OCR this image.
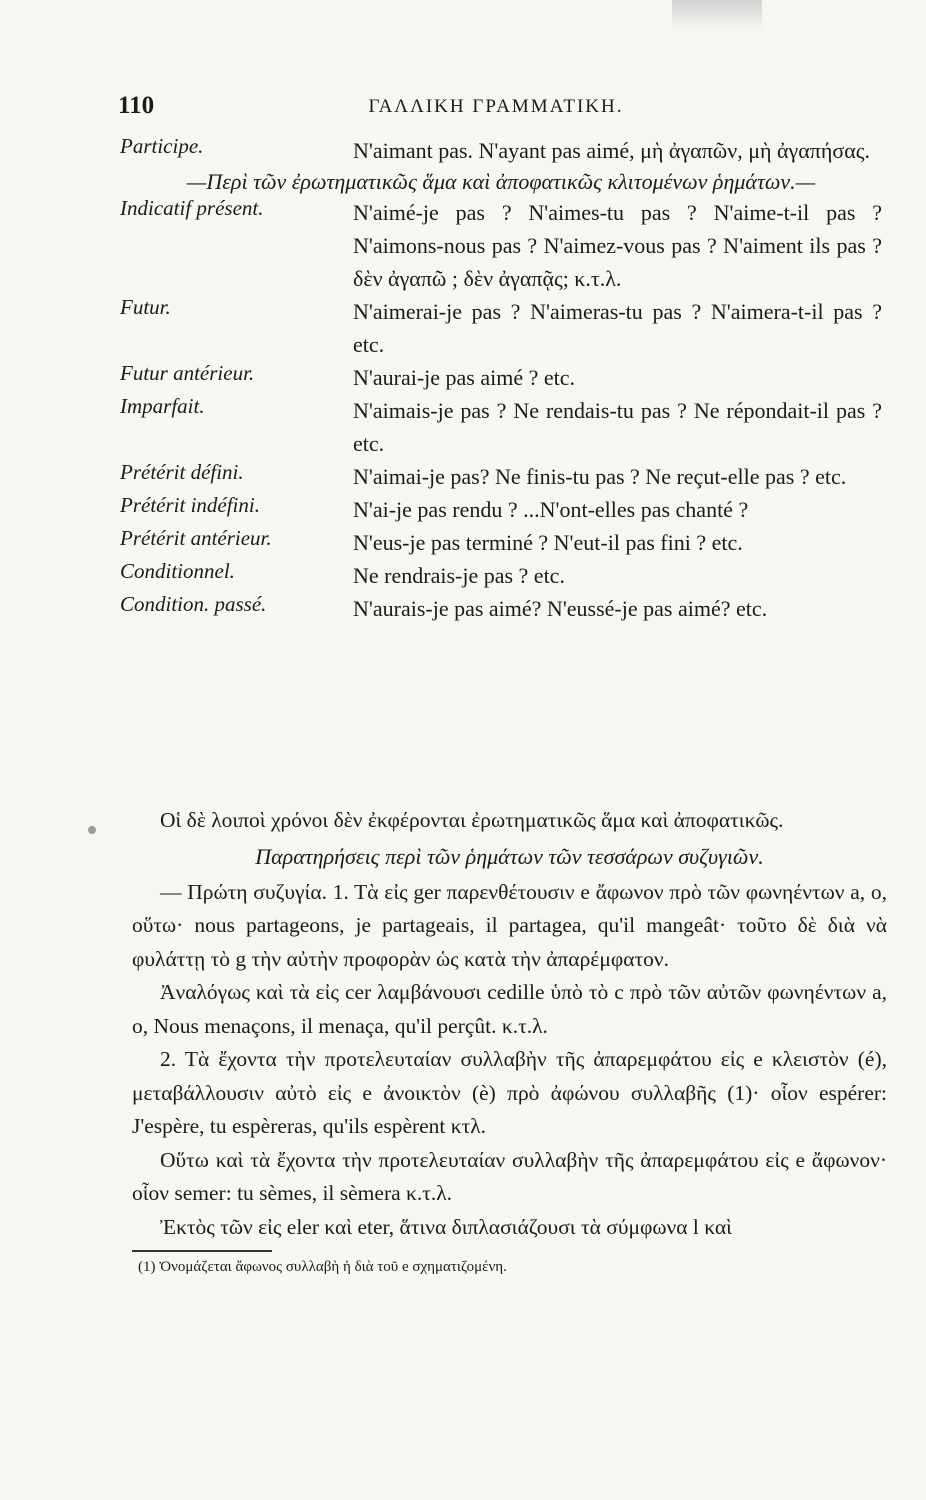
110	ΓΑΛΛΙΚΗ ΓΡΑΜΜΑΤΙΚΗ.
Participe.	N'aimant pas. N'ayant pas aimé, μὴ ἀγαπῶν, μὴ ἀγαπήσας.
—Περὶ τῶν ἐρωτηματικῶς ἅμα καὶ ἀποφατικῶς κλιτομένων ῥημάτων.—
Indicatif présent.	N'aimé-je pas ? N'aimes-tu pas ? N'aime-t-il pas ? N'aimons-nous pas ? N'aimez-vous pas ? N'aiment ils pas ? δὲν ἀγαπῶ ; δὲν ἀγαπᾷς; κ.τ.λ.
Futur.	N'aimerai-je pas ? N'aimeras-tu pas ? N'aimera-t-il pas ? etc.
Futur antérieur.	N'aurai-je pas aimé ? etc.
Imparfait.	N'aimais-je pas ? Ne rendais-tu pas ? Ne répondait-il pas ? etc.
Prétérit défini.	N'aimai-je pas? Ne finis-tu pas ? Ne reçut-elle pas ? etc.
Prétérit indéfini.	N'ai-je pas rendu ? ...N'ont-elles pas chanté ?
Prétérit antérieur.	N'eus-je pas terminé ? N'eut-il pas fini ? etc.
Conditionnel.	Ne rendrais-je pas ? etc.
Condition. passé.	N'aurais-je pas aimé? N'eussé-je pas aimé? etc.

Οἱ δὲ λοιποὶ χρόνοι δὲν ἐκφέρονται ἐρωτηματικῶς ἅμα καὶ ἀποφατικῶς.

Παρατηρήσεις περὶ τῶν ῥημάτων τῶν τεσσάρων συζυγιῶν.

— Πρώτη συζυγία. 1. Τὰ εἰς ger παρενθέτουσιν e ἄφωνον πρὸ τῶν φωνηέντων a, o, οὕτω· nous partageons, je partageais, il partagea, qu'il mangeât· τοῦτο δὲ διὰ νὰ φυλάττῃ τὸ g τὴν αὐτὴν προφορὰν ὡς κατὰ τὴν ἀπαρέμφατον.

Ἀναλόγως καὶ τὰ εἰς cer λαμβάνουσι cedille ὑπὸ τὸ c πρὸ τῶν αὐτῶν φωνηέντων a, o, Nous menaçons, il menaça, qu'il perçût. κ.τ.λ.

2. Τὰ ἔχοντα τὴν προτελευταίαν συλλαβὴν τῆς ἀπαρεμφάτου εἰς e κλειστὸν (é), μεταβάλλουσιν αὐτὸ εἰς e ἀνοικτὸν (è) πρὸ ἀφώνου συλλαβῆς (1)· οἷον espérer: J'espère, tu espèreras, qu'ils espèrent κτλ.

Οὕτω καὶ τὰ ἔχοντα τὴν προτελευταίαν συλλαβὴν τῆς ἀπαρεμφάτου εἰς e ἄφωνον· οἷον semer: tu sèmes, il sèmera κ.τ.λ.

Ἐκτὸς τῶν εἰς eler καὶ eter, ἅτινα διπλασιάζουσι τὰ σύμφωνα l καὶ

(1) Ὀνομάζεται ἄφωνος συλλαβὴ ἡ διὰ τοῦ e σχηματιζομένη.
